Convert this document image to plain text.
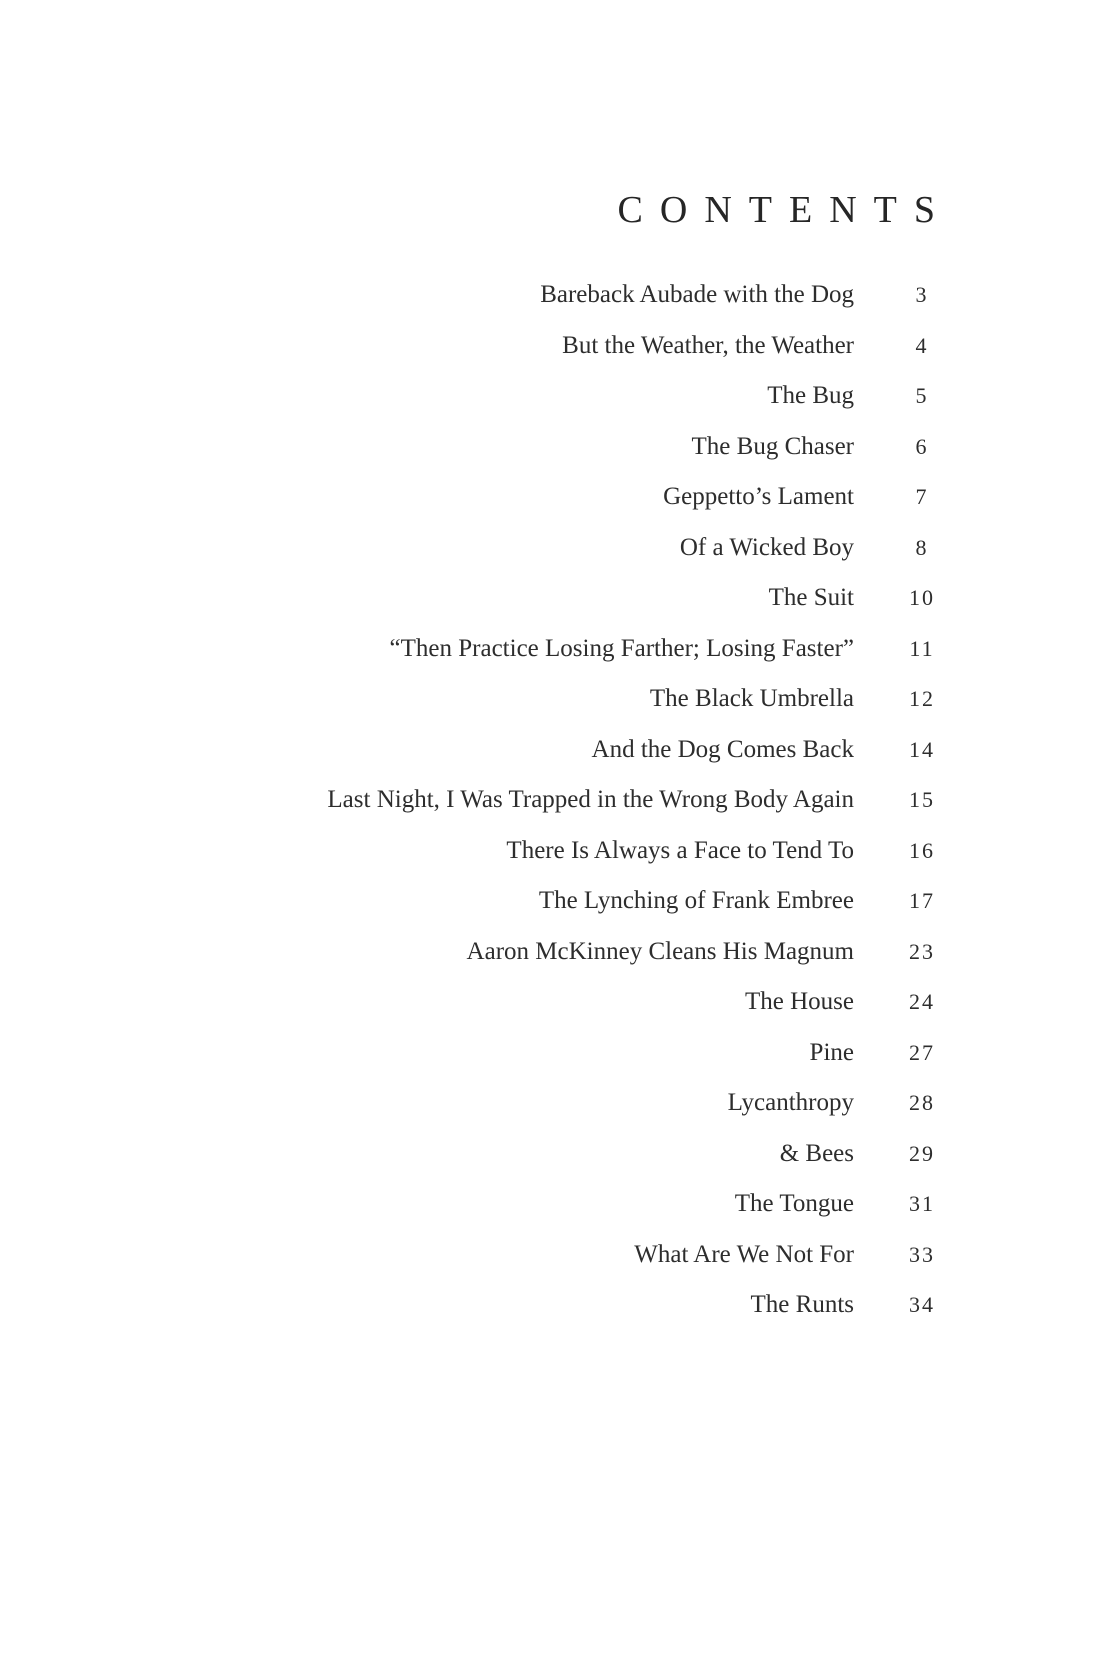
CONTENTS
Bareback Aubade with the Dog	3
But the Weather, the Weather	4
The Bug	5
The Bug Chaser	6
Geppetto’s Lament	7
Of a Wicked Boy	8
The Suit	10
“Then Practice Losing Farther; Losing Faster”	11
The Black Umbrella	12
And the Dog Comes Back	14
Last Night, I Was Trapped in the Wrong Body Again	15
There Is Always a Face to Tend To	16
The Lynching of Frank Embree	17
Aaron McKinney Cleans His Magnum	23
The House	24
Pine	27
Lycanthropy	28
& Bees	29
The Tongue	31
What Are We Not For	33
The Runts	34
